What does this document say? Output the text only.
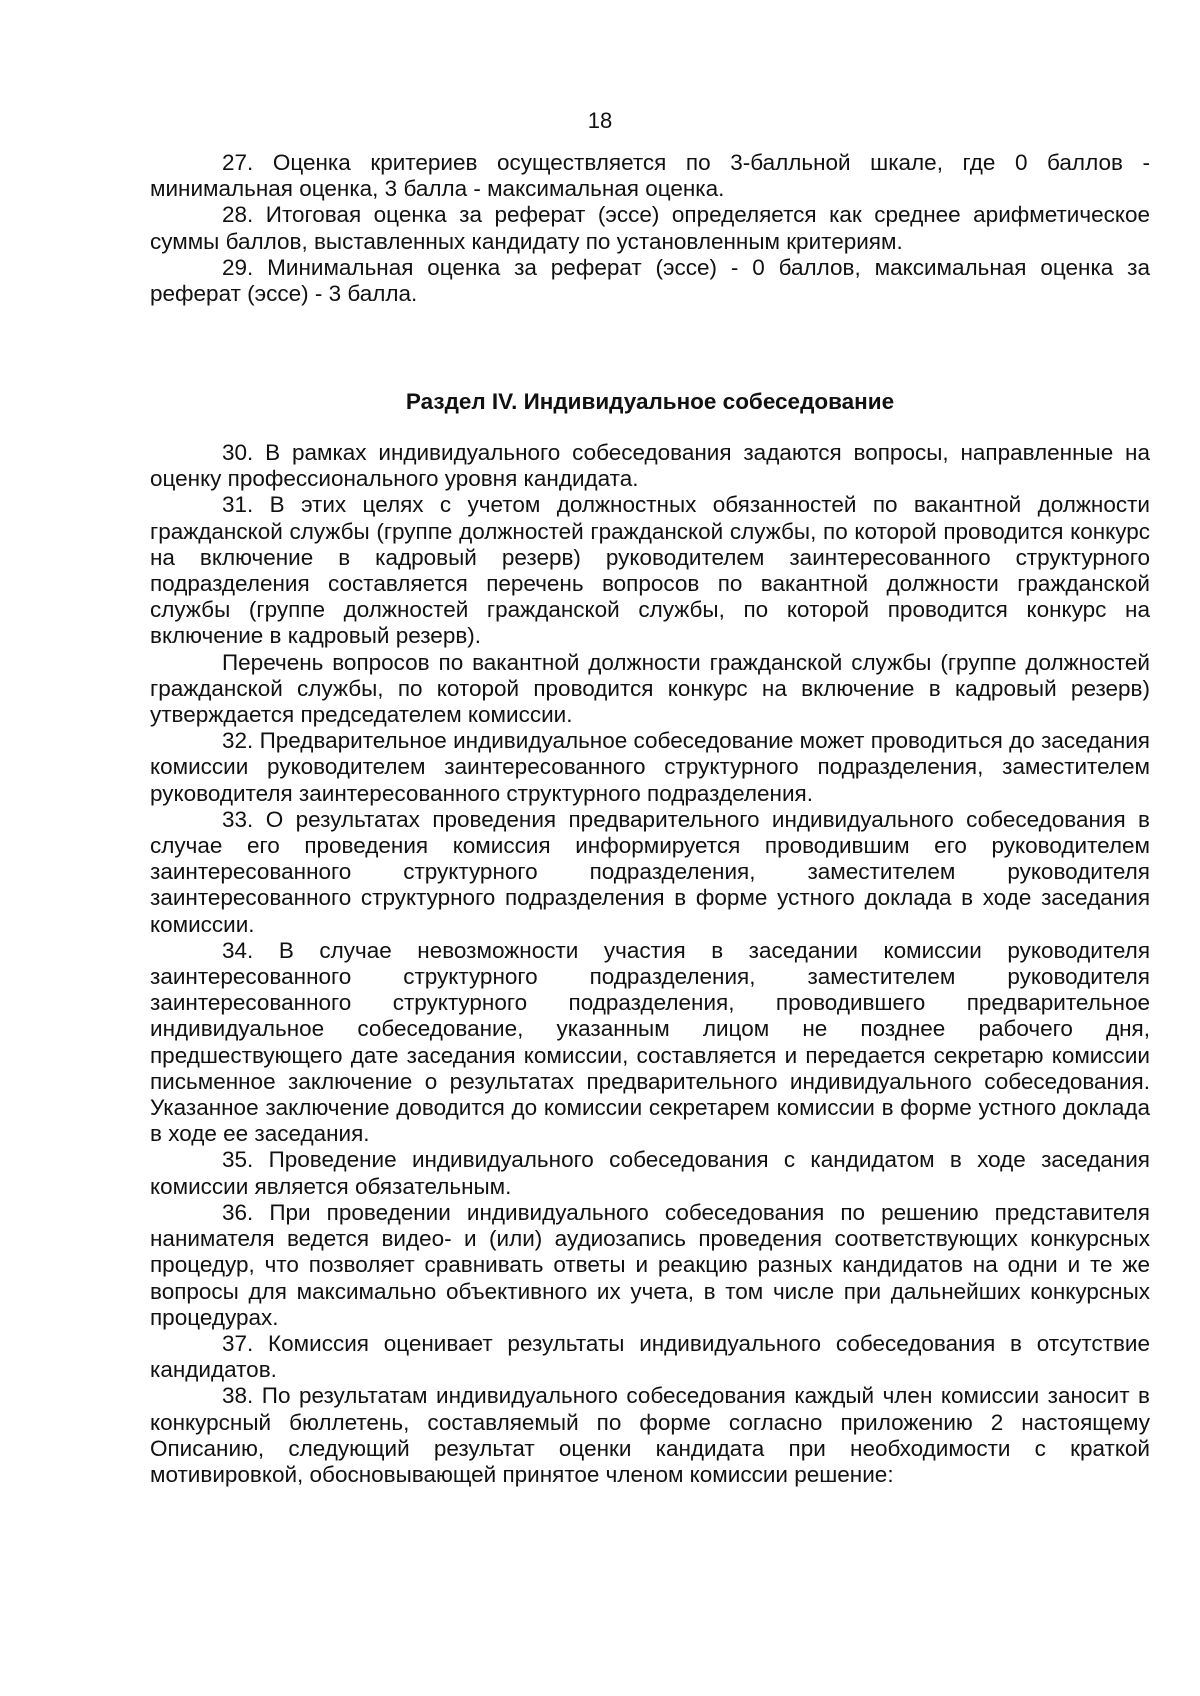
18

27. Оценка критериев осуществляется по 3-балльной шкале, где 0 баллов - минимальная оценка, 3 балла - максимальная оценка.

28. Итоговая оценка за реферат (эссе) определяется как среднее арифметическое суммы баллов, выставленных кандидату по установленным критериям.

29. Минимальная оценка за реферат (эссе) - 0 баллов, максимальная оценка за реферат (эссе) - 3 балла.

Раздел IV. Индивидуальное собеседование

30. В рамках индивидуального собеседования задаются вопросы, направленные на оценку профессионального уровня кандидата.

31. В этих целях с учетом должностных обязанностей по вакантной должности гражданской службы (группе должностей гражданской службы, по которой проводится конкурс на включение в кадровый резерв) руководителем заинтересованного структурного подразделения составляется перечень вопросов по вакантной должности гражданской службы (группе должностей гражданской службы, по которой проводится конкурс на включение в кадровый резерв).

Перечень вопросов по вакантной должности гражданской службы (группе должностей гражданской службы, по которой проводится конкурс на включение в кадровый резерв) утверждается председателем комиссии.

32. Предварительное индивидуальное собеседование может проводиться до заседания комиссии руководителем заинтересованного структурного подразделения, заместителем руководителя заинтересованного структурного подразделения.

33. О результатах проведения предварительного индивидуального собеседования в случае его проведения комиссия информируется проводившим его руководителем заинтересованного структурного подразделения, заместителем руководителя заинтересованного структурного подразделения в форме устного доклада в ходе заседания комиссии.

34. В случае невозможности участия в заседании комиссии руководителя заинтересованного структурного подразделения, заместителем руководителя заинтересованного структурного подразделения, проводившего предварительное индивидуальное собеседование, указанным лицом не позднее рабочего дня, предшествующего дате заседания комиссии, составляется и передается секретарю комиссии письменное заключение о результатах предварительного индивидуального собеседования. Указанное заключение доводится до комиссии секретарем комиссии в форме устного доклада в ходе ее заседания.

35. Проведение индивидуального собеседования с кандидатом в ходе заседания комиссии является обязательным.

36. При проведении индивидуального собеседования по решению представителя нанимателя ведется видео- и (или) аудиозапись проведения соответствующих конкурсных процедур, что позволяет сравнивать ответы и реакцию разных кандидатов на одни и те же вопросы для максимально объективного их учета, в том числе при дальнейших конкурсных процедурах.

37. Комиссия оценивает результаты индивидуального собеседования в отсутствие кандидатов.

38. По результатам индивидуального собеседования каждый член комиссии заносит в конкурсный бюллетень, составляемый по форме согласно приложению 2 настоящему Описанию, следующий результат оценки кандидата при необходимости с краткой мотивировкой, обосновывающей принятое членом комиссии решение:
